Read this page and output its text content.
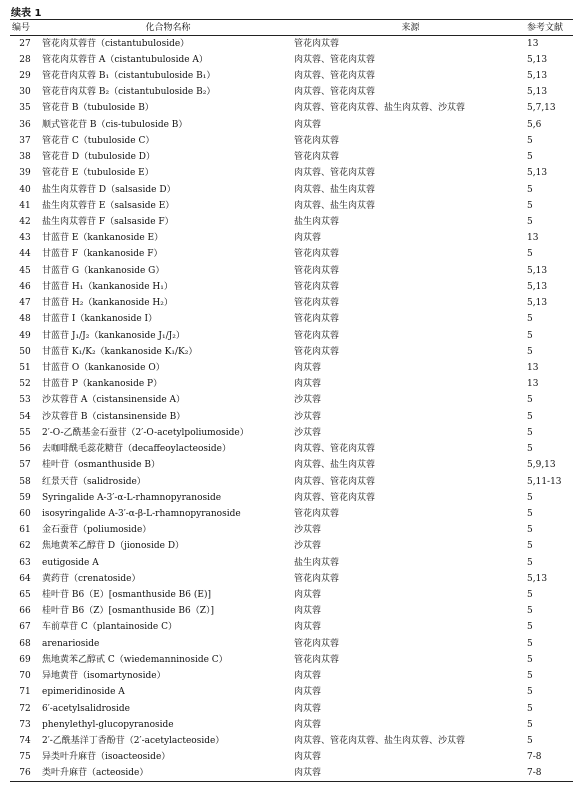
续表 1
编号	化合物名称	来源	参考文献
27	管花肉苁蓉苷（cistantubuloside）	管花肉苁蓉	13
28	管花肉苁蓉苷 A（cistantubuloside A）	肉苁蓉、管花肉苁蓉	5,13
29	管花苷肉苁蓉 B₁（cistantubuloside B₁）	肉苁蓉、管花肉苁蓉	5,13
30	管花苷肉苁蓉 B₂（cistantubuloside B₂）	肉苁蓉、管花肉苁蓉	5,13
35	管花苷 B（tubuloside B）	肉苁蓉、管花肉苁蓉、盐生肉苁蓉、沙苁蓉	5,7,13
36	顺式管花苷 B（cis-tubuloside B）	肉苁蓉	5,6
37	管花苷 C（tubuloside C）	管花肉苁蓉	5
38	管花苷 D（tubuloside D）	管花肉苁蓉	5
39	管花苷 E（tubuloside E）	肉苁蓉、管花肉苁蓉	5,13
40	盐生肉苁蓉苷 D（salsaside D）	肉苁蓉、盐生肉苁蓉	5
41	盐生肉苁蓉苷 E（salsaside E）	肉苁蓉、盐生肉苁蓉	5
42	盐生肉苁蓉苷 F（salsaside F）	盐生肉苁蓉	5
43	甘蓝苷 E（kankanoside E）	肉苁蓉	13
44	甘蓝苷 F（kankanoside F）	管花肉苁蓉	5
45	甘蓝苷 G（kankanoside G）	管花肉苁蓉	5,13
46	甘蓝苷 H₁（kankanoside H₁）	管花肉苁蓉	5,13
47	甘蓝苷 H₂（kankanoside H₂）	管花肉苁蓉	5,13
48	甘蓝苷 I（kankanoside I）	管花肉苁蓉	5
49	甘蓝苷 J₁/J₂（kankanoside J₁/J₂）	管花肉苁蓉	5
50	甘蓝苷 K₁/K₂（kankanoside K₁/K₂）	管花肉苁蓉	5
51	甘蓝苷 O（kankanoside O）	肉苁蓉	13
52	甘蓝苷 P（kankanoside P）	肉苁蓉	13
53	沙苁蓉苷 A（cistansinenside A）	沙苁蓉	5
54	沙苁蓉苷 B（cistansinenside B）	沙苁蓉	5
55	2′-O-乙酰基金石蚕苷（2′-O-acetylpoliumoside）	沙苁蓉	5
56	去咖啡酰毛蕊花糖苷（decaffeoylacteoside）	肉苁蓉、管花肉苁蓉	5
57	桂叶苷（osmanthuside B）	肉苁蓉、盐生肉苁蓉	5,9,13
58	红景天苷（salidroside）	肉苁蓉、管花肉苁蓉	5,11-13
59	Syringalide A-3′-α-L-rhamnopyranoside	肉苁蓉、管花肉苁蓉	5
60	isosyringalide A-3′-α-β-L-rhamnopyranoside	管花肉苁蓉	5
61	金石蚕苷（poliumoside）	沙苁蓉	5
62	焦地黄苯乙醇苷 D（jionoside D）	沙苁蓉	5
63	eutigoside A	盐生肉苁蓉	5
64	黄药苷（crenatoside）	管花肉苁蓉	5,13
65	桂叶苷 B6（E）[osmanthuside B6 (E)]	肉苁蓉	5
66	桂叶苷 B6（Z）[osmanthuside B6（Z）]	肉苁蓉	5
67	车前草苷 C（plantainoside C）	肉苁蓉	5
68	arenarioside	管花肉苁蓉	5
69	焦地黄苯乙醇甙 C（wiedemanninoside C）	管花肉苁蓉	5
70	异地黄苷（isomartynoside）	肉苁蓉	5
71	epimeridinoside A	肉苁蓉	5
72	6′-acetylsalidroside	肉苁蓉	5
73	phenylethyl-glucopyranoside	肉苁蓉	5
74	2′-乙酰基洋丁香酚苷（2′-acetylacteoside）	肉苁蓉、管花肉苁蓉、盐生肉苁蓉、沙苁蓉	5
75	异类叶升麻苷（isoacteoside）	肉苁蓉	7-8
76	类叶升麻苷（acteoside）	肉苁蓉	7-8
